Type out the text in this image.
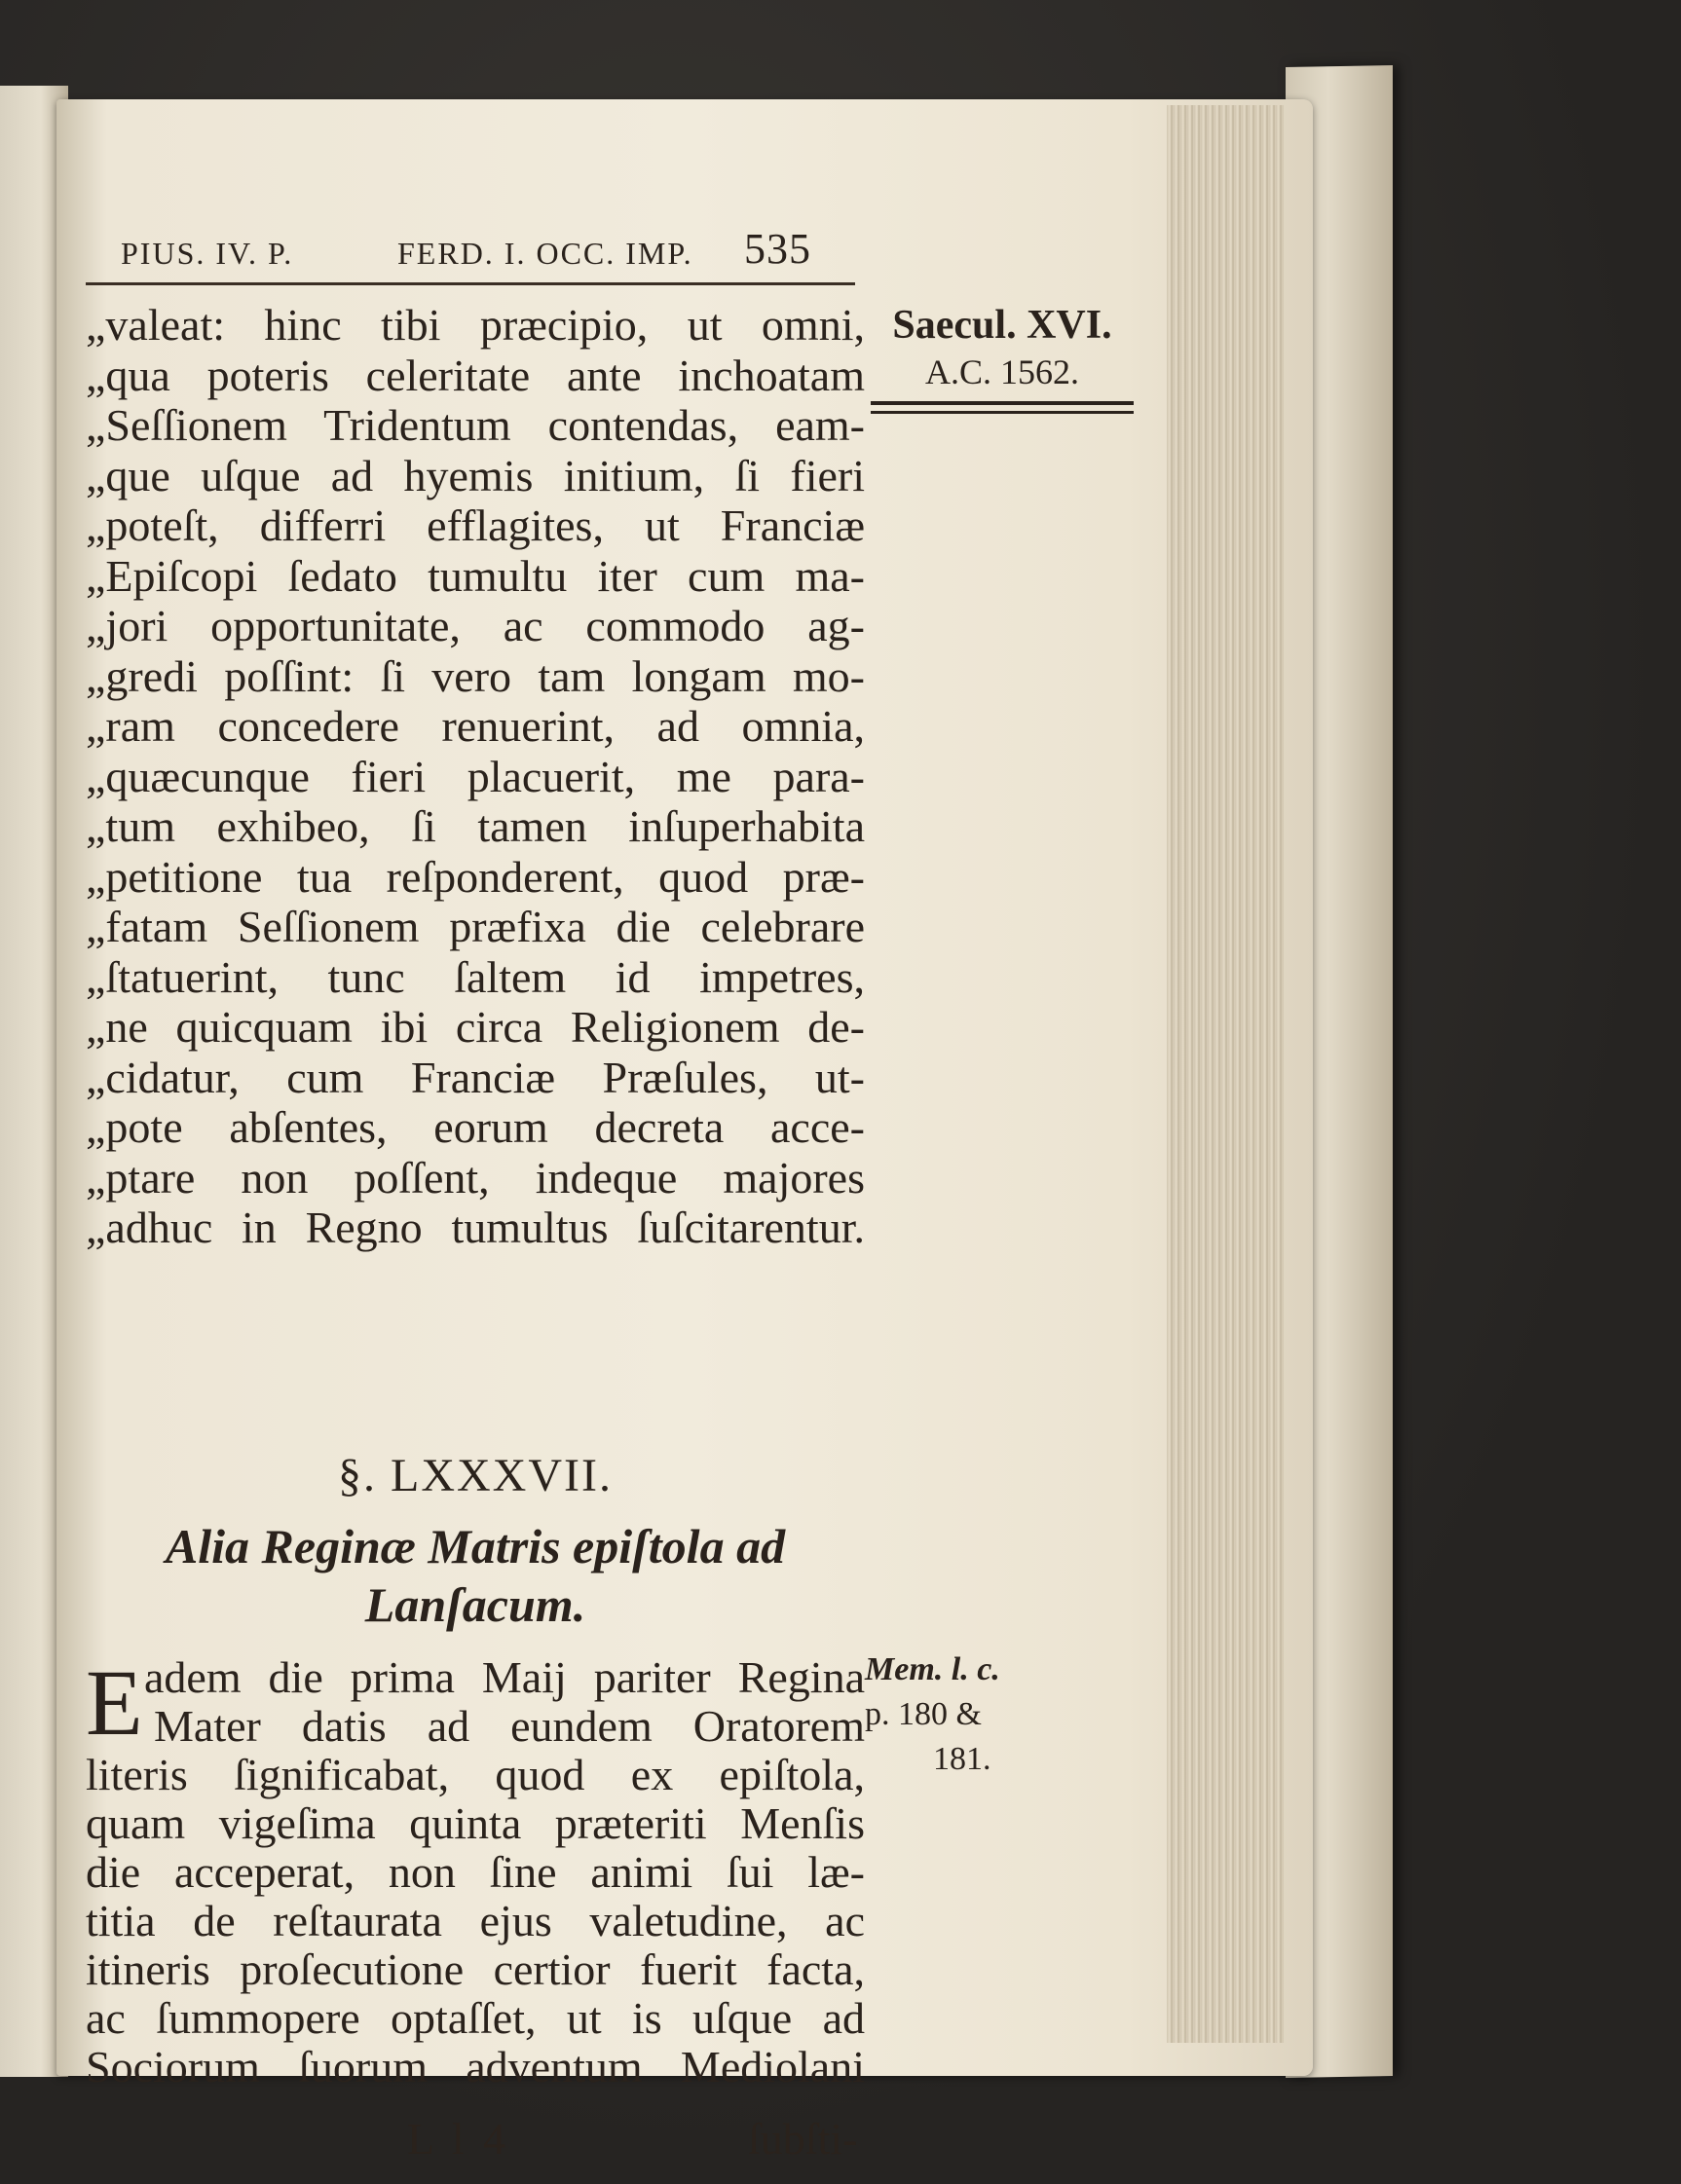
PIUS. IV. P.	FERD. I. OCC. IMP. 535
„valeat: hinc tibi præcipio, ut omni,
„qua poteris celeritate ante inchoatam
„Seſſionem Tridentum contendas, eam-
„que uſque ad hyemis initium, ſi fieri
„poteſt, differri efflagites, ut Franciæ
„Epiſcopi ſedato tumultu iter cum ma-
„jori opportunitate, ac commodo ag-
„gredi poſſint: ſi vero tam longam mo-
„ram concedere renuerint, ad omnia,
„quæcunque fieri placuerit, me para-
„tum exhibeo, ſi tamen inſuperhabita
„petitione tua reſponderent, quod præ-
„fatam Seſſionem præfixa die celebrare
„ſtatuerint, tunc ſaltem id impetres,
„ne quicquam ibi circa Religionem de-
„cidatur, cum Franciæ Præſules, ut-
„pote abſentes, eorum decreta acce-
„ptare non poſſent, indeque majores
„adhuc in Regno tumultus ſuſcitarentur.
Saecul. XVI.
A.C. 1562.
§. LXXXVII.
Alia Reginæ Matris epiſtola ad
Lanſacum.
E adem die prima Maij pariter Regina
Mater datis ad eundem Oratorem
literis ſignificabat, quod ex epiſtola,
quam vigeſima quinta præteriti Menſis
die acceperat, non ſine animi ſui læ-
titia de reſtaurata ejus valetudine, ac
itineris proſecutione certior fuerit facta,
ac ſummopere optaſſet, ut is uſque ad
Sociorum ſuorum adventum Mediolani
Mem. l. c.
p. 180 &
181.
L l 4	ſubſti-
